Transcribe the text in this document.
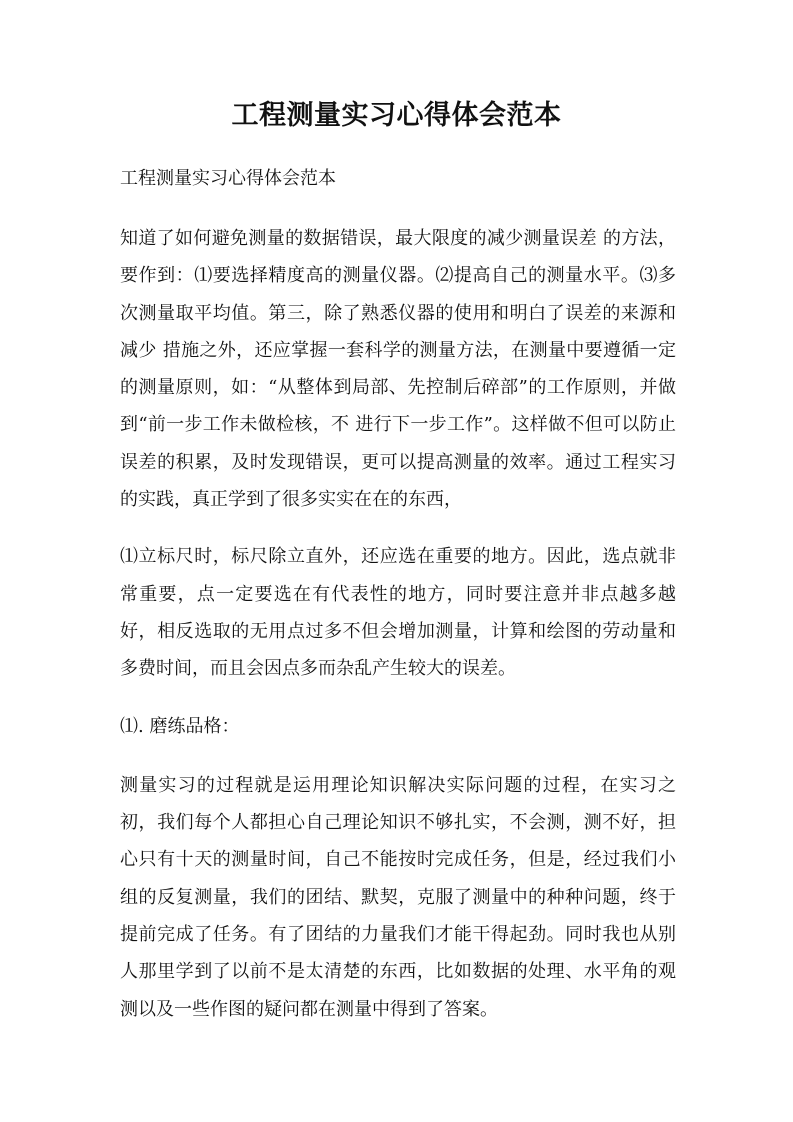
工程测量实习心得体会范本

工程测量实习心得体会范本

知道了如何避免测量的数据错误，最大限度的减少测量误差 的方法，要作到：⑴要选择精度高的测量仪器。⑵提高自己的测量水平。⑶多次测量取平均值。第三，除了熟悉仪器的使用和明白了误差的来源和减少 措施之外，还应掌握一套科学的测量方法，在测量中要遵循一定的测量原则，如：“从整体到局部、先控制后碎部”的工作原则，并做到“前一步工作未做检核，不 进行下一步工作”。这样做不但可以防止误差的积累，及时发现错误，更可以提高测量的效率。通过工程实习的实践，真正学到了很多实实在在的东西，

⑴立标尺时，标尺除立直外，还应选在重要的地方。因此，选点就非常重要，点一定要选在有代表性的地方，同时要注意并非点越多越好，相反选取的无用点过多不但会增加测量，计算和绘图的劳动量和多费时间，而且会因点多而杂乱产生较大的误差。

⑴. 磨练品格：

测量实习的过程就是运用理论知识解决实际问题的过程，在实习之初，我们每个人都担心自己理论知识不够扎实，不会测，测不好，担心只有十天的测量时间，自己不能按时完成任务，但是，经过我们小组的反复测量，我们的团结、默契，克服了测量中的种种问题，终于提前完成了任务。有了团结的力量我们才能干得起劲。同时我也从别人那里学到了以前不是太清楚的东西，比如数据的处理、水平角的观测以及一些作图的疑问都在测量中得到了答案。
